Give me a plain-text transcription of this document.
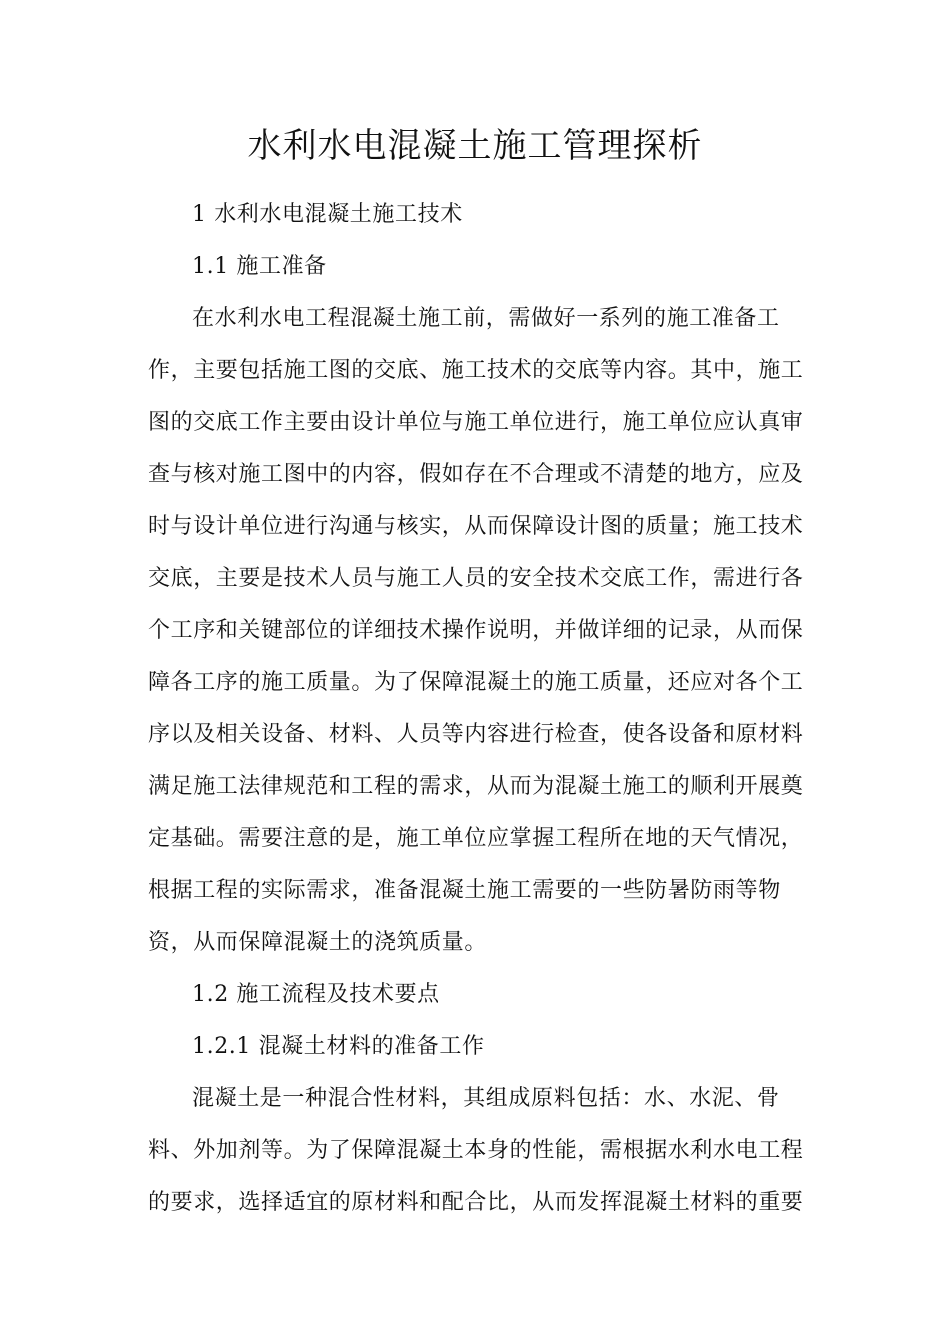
水利水电混凝土施工管理探析
1 水利水电混凝土施工技术
1.1 施工准备
在水利水电工程混凝土施工前，需做好一系列的施工准备工
作，主要包括施工图的交底、施工技术的交底等内容。其中，施工
图的交底工作主要由设计单位与施工单位进行，施工单位应认真审
查与核对施工图中的内容，假如存在不合理或不清楚的地方，应及
时与设计单位进行沟通与核实，从而保障设计图的质量；施工技术
交底，主要是技术人员与施工人员的安全技术交底工作，需进行各
个工序和关键部位的详细技术操作说明，并做详细的记录，从而保
障各工序的施工质量。为了保障混凝土的施工质量，还应对各个工
序以及相关设备、材料、人员等内容进行检查，使各设备和原材料
满足施工法律规范和工程的需求，从而为混凝土施工的顺利开展奠
定基础。需要注意的是，施工单位应掌握工程所在地的天气情况，
根据工程的实际需求，准备混凝土施工需要的一些防暑防雨等物
资，从而保障混凝土的浇筑质量。
1.2 施工流程及技术要点
1.2.1 混凝土材料的准备工作
混凝土是一种混合性材料，其组成原料包括：水、水泥、骨
料、外加剂等。为了保障混凝土本身的性能，需根据水利水电工程
的要求，选择适宜的原材料和配合比，从而发挥混凝土材料的重要
